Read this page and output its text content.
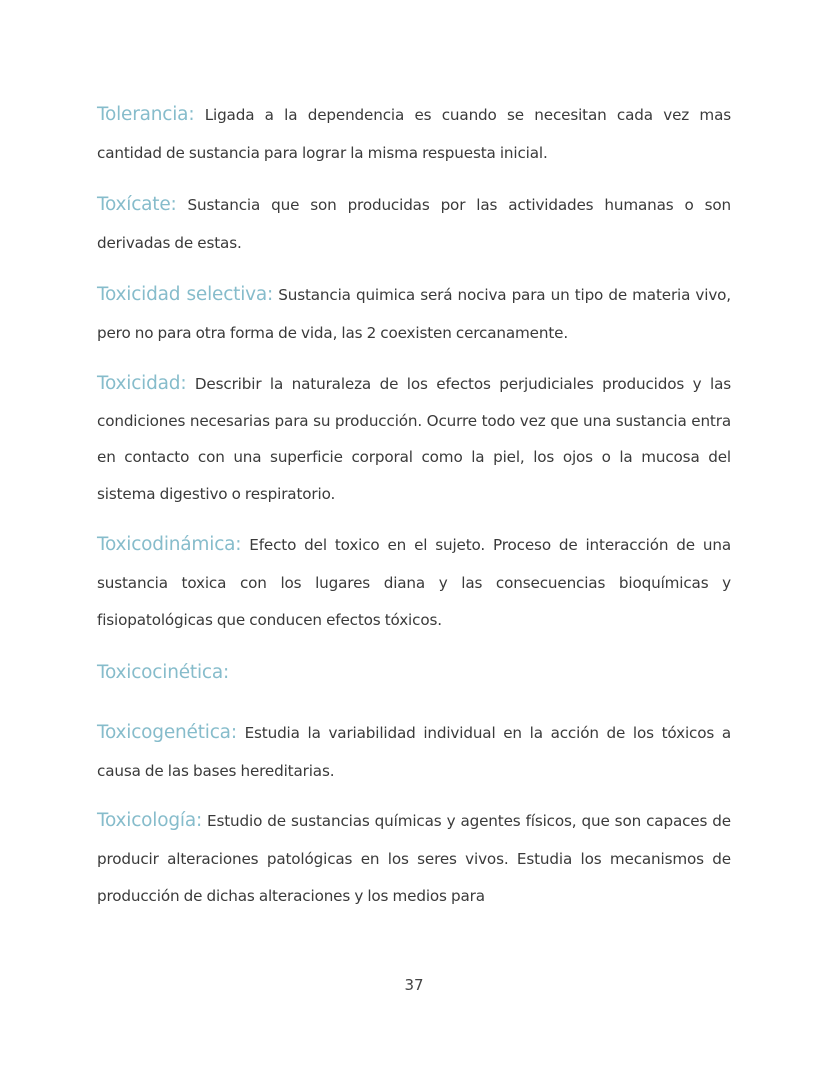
Tolerancia: Ligada a la dependencia es cuando se necesitan cada vez mas cantidad de sustancia para lograr la misma respuesta inicial.

Toxícate: Sustancia que son producidas por las actividades humanas o son derivadas de estas.

Toxicidad selectiva: Sustancia quimica será nociva para un tipo de materia vivo, pero no para otra forma de vida, las 2 coexisten cercanamente.

Toxicidad: Describir la naturaleza de los efectos perjudiciales producidos y las condiciones necesarias para su producción. Ocurre todo vez que una sustancia entra en contacto con una superficie corporal como la piel, los ojos o la mucosa del sistema digestivo o respiratorio.

Toxicodinámica: Efecto del toxico en el sujeto. Proceso de interacción de una sustancia toxica con los lugares diana y las consecuencias bioquímicas y fisiopatológicas que conducen efectos tóxicos.

Toxicocinética:

Toxicogenética: Estudia la variabilidad individual en la acción de los tóxicos a causa de las bases hereditarias.

Toxicología: Estudio de sustancias químicas y agentes físicos, que son capaces de producir alteraciones patológicas en los seres vivos. Estudia los mecanismos de producción de dichas alteraciones y los medios para

37
